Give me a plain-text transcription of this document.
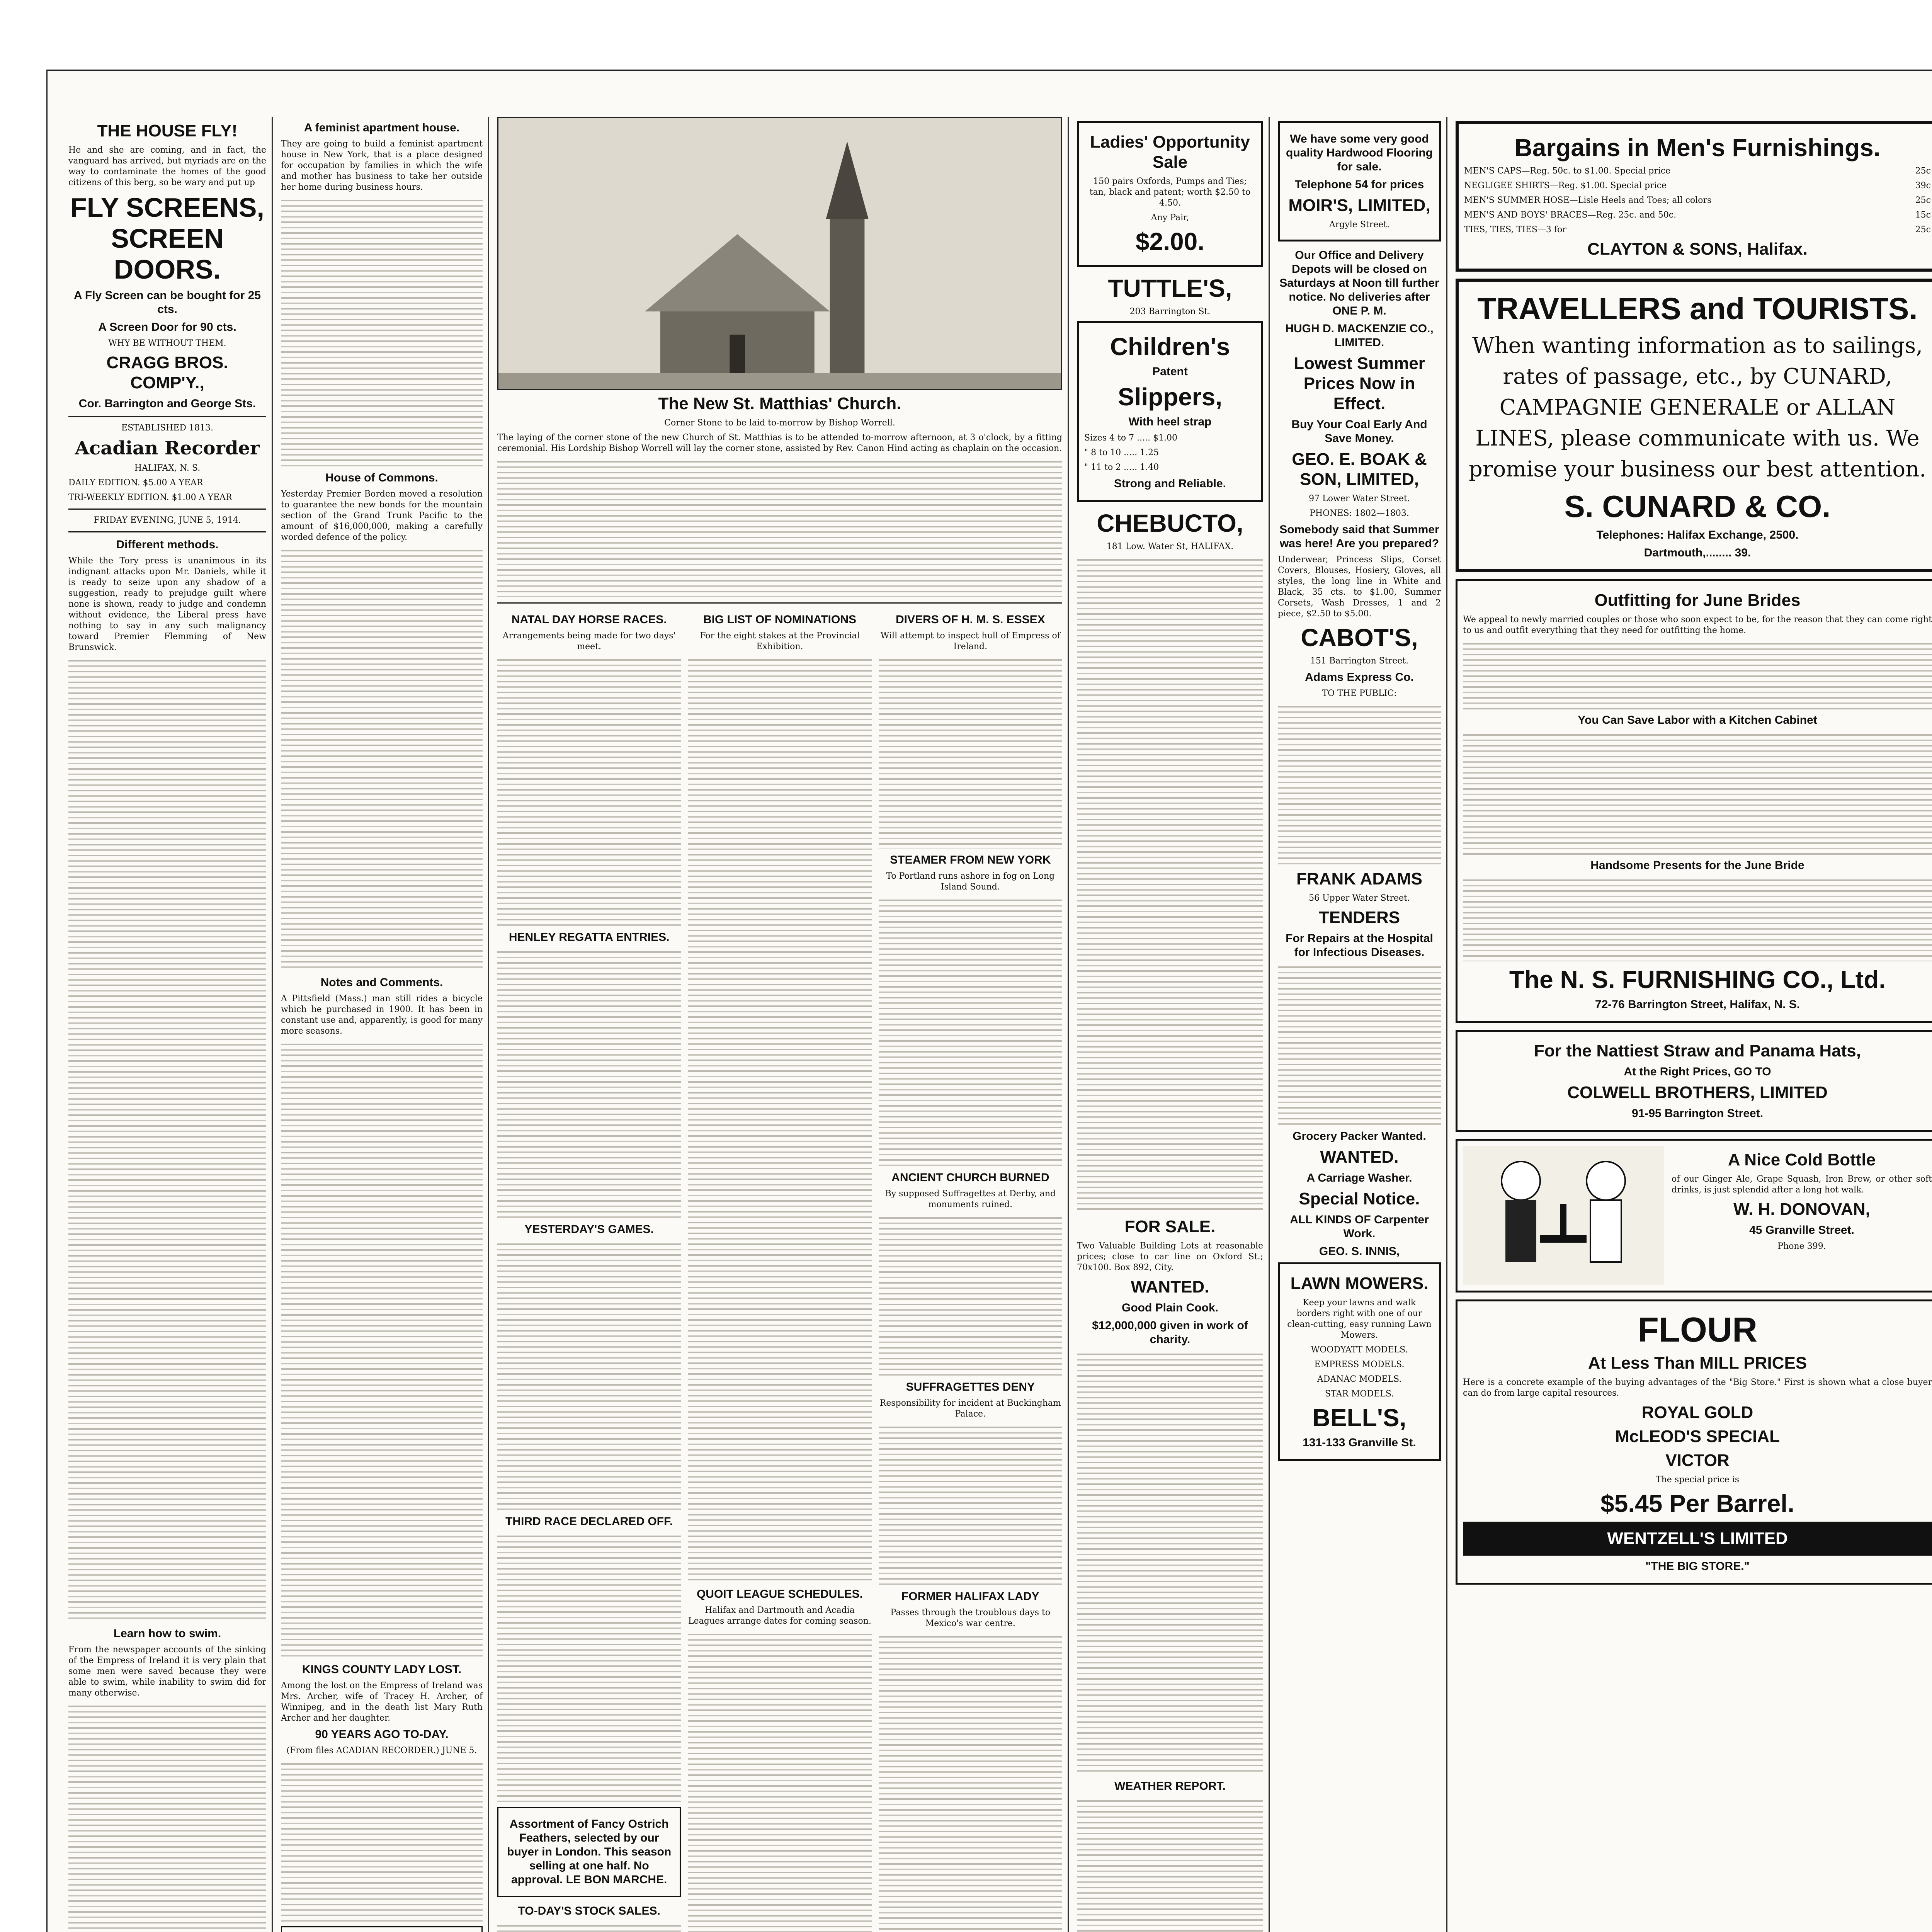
THE HOUSE FLY!

He and she are coming, and in fact, the vanguard has arrived, but myriads are on the way to contaminate the homes of the good citizens of this berg, so be wary and put up

FLY SCREENS, SCREEN DOORS.
A Fly Screen can be bought for 25 cts.
A Screen Door for 90 cts.
WHY BE WITHOUT THEM.
CRAGG BROS. COMP'Y.,
Cor. Barrington and George Sts.
ESTABLISHED 1813.
Acadian Recorder
HALIFAX, N. S.
DAILY EDITION. $5.00 A YEAR
TRI-WEEKLY EDITION. $1.00 A YEAR
FRIDAY EVENING, JUNE 5, 1914.
Different methods.

While the Tory press is unanimous in its indignant attacks upon Mr. Daniels, while it is ready to seize upon any shadow of a suggestion, ready to prejudge guilt where none is shown, ready to judge and condemn without evidence, the Liberal press have nothing to say in any such malignancy toward Premier Flemming of New Brunswick.

Learn how to swim.

From the newspaper accounts of the sinking of the Empress of Ireland it is very plain that some men were saved because they were able to swim, while inability to swim did for many otherwise.

A feminist apartment house.

They are going to build a feminist apartment house in New York, that is a place designed for occupation by families in which the wife and mother has business to take her outside her home during business hours.

House of Commons.

Yesterday Premier Borden moved a resolution to guarantee the new bonds for the mountain section of the Grand Trunk Pacific to the amount of $16,000,000, making a carefully worded defence of the policy.

Notes and Comments.

A Pittsfield (Mass.) man still rides a bicycle which he purchased in 1900. It has been in constant use and, apparently, is good for many more seasons.

KINGS COUNTY LADY LOST.

Among the lost on the Empress of Ireland was Mrs. Archer, wife of Tracey H. Archer, of Winnipeg, and in the death list Mary Ruth Archer and her daughter.

90 YEARS AGO TO-DAY.
(From files ACADIAN RECORDER.) JUNE 5.
The New St. Matthias' Church.
Corner Stone to be laid to-morrow by Bishop Worrell.

The laying of the corner stone of the new Church of St. Matthias is to be attended to-morrow afternoon, at 3 o'clock, by a fitting ceremonial. His Lordship Bishop Worrell will lay the corner stone, assisted by Rev. Canon Hind acting as chaplain on the occasion.

NATAL DAY HORSE RACES.
Arrangements being made for two days' meet.
HENLEY REGATTA ENTRIES.
YESTERDAY'S GAMES.
THIRD RACE DECLARED OFF.
Assortment of Fancy Ostrich Feathers, selected by our buyer in London. This season selling at one half. No approval. LE BON MARCHE.
TO-DAY'S STOCK SALES.
BIG LIST OF NOMINATIONS
For the eight stakes at the Provincial Exhibition.
QUOIT LEAGUE SCHEDULES.
Halifax and Dartmouth and Acadia Leagues arrange dates for coming season.
DIVERS OF H. M. S. ESSEX
Will attempt to inspect hull of Empress of Ireland.
STEAMER FROM NEW YORK
To Portland runs ashore in fog on Long Island Sound.
ANCIENT CHURCH BURNED
By supposed Suffragettes at Derby, and monuments ruined.
SUFFRAGETTES DENY
Responsibility for incident at Buckingham Palace.
FORMER HALIFAX LADY
Passes through the troublous days to Mexico's war centre.
Ladies' Opportunity Sale

150 pairs Oxfords, Pumps and Ties; tan, black and patent; worth $2.50 to 4.50.

Any Pair,
$2.00.
TUTTLE'S,
203 Barrington St.
Children's
Patent
Slippers,
With heel strap
Sizes 4 to 7 ..... $1.00
" 8 to 10 ..... 1.25
" 11 to 2 ..... 1.40
Strong and Reliable.
CHEBUCTO,
181 Low. Water St, HALIFAX.
FOR SALE.

Two Valuable Building Lots at reasonable prices; close to car line on Oxford St.; 70x100. Box 892, City.

WANTED.
Good Plain Cook.
$12,000,000 given in work of charity.
WEATHER REPORT.
We have some very good quality Hardwood Flooring for sale.
Telephone 54 for prices
MOIR'S, LIMITED,
Argyle Street.
Our Office and Delivery Depots will be closed on Saturdays at Noon till further notice. No deliveries after ONE P. M.
HUGH D. MACKENZIE CO., LIMITED.
Lowest Summer Prices Now in Effect.
Buy Your Coal Early And Save Money.
GEO. E. BOAK & SON, LIMITED,
97 Lower Water Street.
PHONES: 1802—1803.
Somebody said that Summer was here! Are you prepared?

Underwear, Princess Slips, Corset Covers, Blouses, Hosiery, Gloves, all styles, the long line in White and Black, 35 cts. to $1.00, Summer Corsets, Wash Dresses, 1 and 2 piece, $2.50 to $5.00.

CABOT'S,
151 Barrington Street.
Adams Express Co.
TO THE PUBLIC:
FRANK ADAMS
56 Upper Water Street.
TENDERS
For Repairs at the Hospital for Infectious Diseases.
Grocery Packer Wanted.
WANTED.
A Carriage Washer.
Special Notice.
ALL KINDS OF Carpenter Work.
GEO. S. INNIS,
LAWN MOWERS.

Keep your lawns and walk borders right with one of our clean-cutting, easy running Lawn Mowers.

WOODYATT MODELS.
EMPRESS MODELS.
ADANAC MODELS.
STAR MODELS.
BELL'S,
131-133 Granville St.
Bargains in Men's Furnishings.
MEN'S CAPS—Reg. 50c. to $1.00. Special price	25c
NEGLIGEE SHIRTS—Reg. $1.00. Special price	39c
MEN'S SUMMER HOSE—Lisle Heels and Toes; all colors	25c
MEN'S AND BOYS' BRACES—Reg. 25c. and 50c.	15c
TIES, TIES, TIES—3 for	25c
CLAYTON & SONS, Halifax.
TRAVELLERS and TOURISTS.

When wanting information as to sailings, rates of passage, etc., by CUNARD, CAMPAGNIE GENERALE or ALLAN LINES, please communicate with us. We promise your business our best attention.

S. CUNARD & CO.
Telephones: Halifax Exchange, 2500.
Dartmouth,........ 39.
Outfitting for June Brides

We appeal to newly married couples or those who soon expect to be, for the reason that they can come right to us and outfit everything that they need for outfitting the home.

You Can Save Labor with a Kitchen Cabinet
Handsome Presents for the June Bride
The N. S. FURNISHING CO., Ltd.
72-76 Barrington Street, Halifax, N. S.
For the Nattiest Straw and Panama Hats,
At the Right Prices, GO TO
COLWELL BROTHERS, LIMITED
91-95 Barrington Street.
A Nice Cold Bottle

of our Ginger Ale, Grape Squash, Iron Brew, or other soft drinks, is just splendid after a long hot walk.

W. H. DONOVAN,
45 Granville Street.
Phone 399.
FLOUR
At Less Than MILL PRICES

Here is a concrete example of the buying advantages of the "Big Store." First is shown what a close buyer can do from large capital resources.

ROYAL GOLD
McLEOD'S SPECIAL
VICTOR
The special price is
$5.45 Per Barrel.
WENTZELL'S LIMITED
"THE BIG STORE."
